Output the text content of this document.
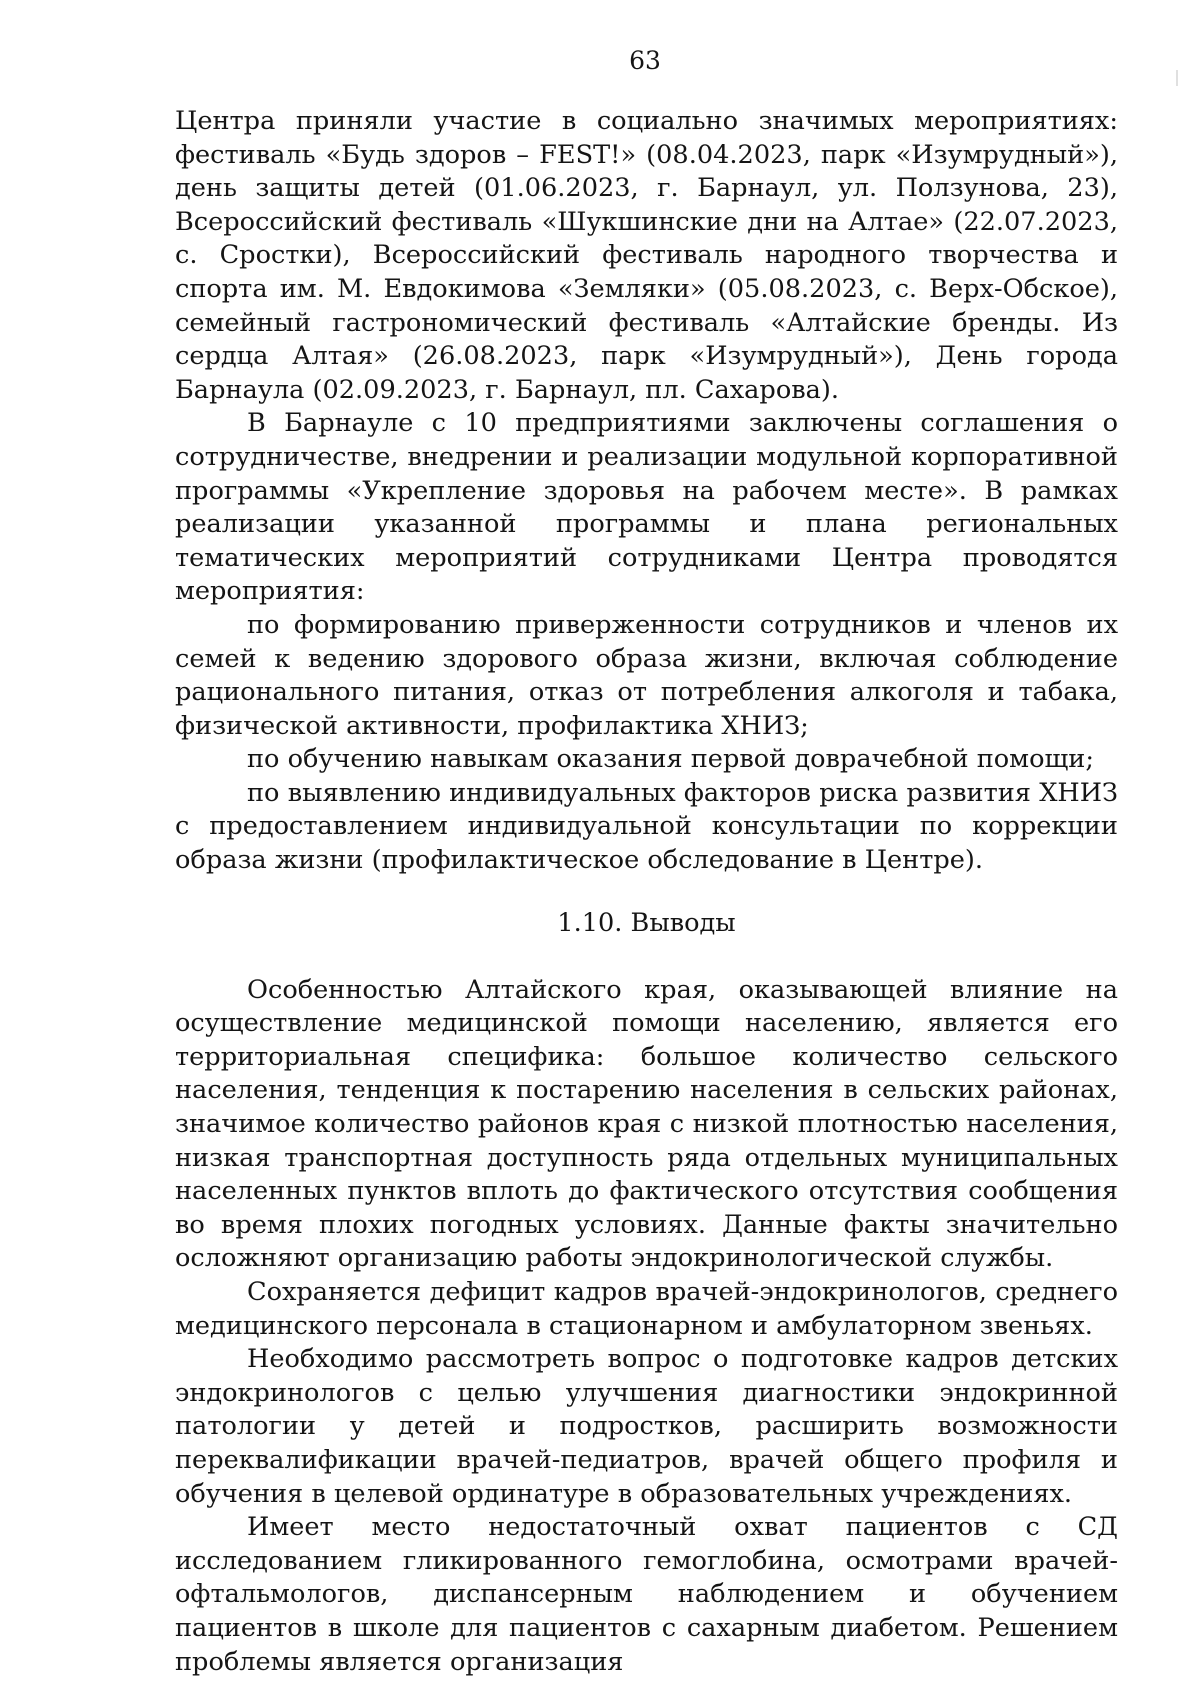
63

Центра приняли участие в социально значимых мероприятиях: фестиваль «Будь здоров – FEST!» (08.04.2023, парк «Изумрудный»), день защиты детей (01.06.2023, г. Барнаул, ул. Ползунова, 23), Всероссийский фестиваль «Шукшинские дни на Алтае» (22.07.2023, с. Сростки), Всероссийский фестиваль народного творчества и спорта им. М. Евдокимова «Земляки» (05.08.2023, с. Верх-Обское), семейный гастрономический фестиваль «Алтайские бренды. Из сердца Алтая» (26.08.2023, парк «Изумрудный»), День города Барнаула (02.09.2023, г. Барнаул, пл. Сахарова).

В Барнауле с 10 предприятиями заключены соглашения о сотрудничестве, внедрении и реализации модульной корпоративной программы «Укрепление здоровья на рабочем месте». В рамках реализации указанной программы и плана региональных тематических мероприятий сотрудниками Центра проводятся мероприятия:

по формированию приверженности сотрудников и членов их семей к ведению здорового образа жизни, включая соблюдение рационального питания, отказ от потребления алкоголя и табака, физической активности, профилактика ХНИЗ;

по обучению навыкам оказания первой доврачебной помощи;

по выявлению индивидуальных факторов риска развития ХНИЗ с предоставлением индивидуальной консультации по коррекции образа жизни (профилактическое обследование в Центре).

1.10. Выводы

Особенностью Алтайского края, оказывающей влияние на осуществление медицинской помощи населению, является его территориальная специфика: большое количество сельского населения, тенденция к постарению населения в сельских районах, значимое количество районов края с низкой плотностью населения, низкая транспортная доступность ряда отдельных муниципальных населенных пунктов вплоть до фактического отсутствия сообщения во время плохих погодных условиях. Данные факты значительно осложняют организацию работы эндокринологической службы.

Сохраняется дефицит кадров врачей-эндокринологов, среднего медицинского персонала в стационарном и амбулаторном звеньях.

Необходимо рассмотреть вопрос о подготовке кадров детских эндокринологов с целью улучшения диагностики эндокринной патологии у детей и подростков, расширить возможности переквалификации врачей-педиатров, врачей общего профиля и обучения в целевой ординатуре в образовательных учреждениях.

Имеет место недостаточный охват пациентов с СД исследованием гликированного гемоглобина, осмотрами врачей-офтальмологов, диспансерным наблюдением и обучением пациентов в школе для пациентов с сахарным диабетом. Решением проблемы является организация
